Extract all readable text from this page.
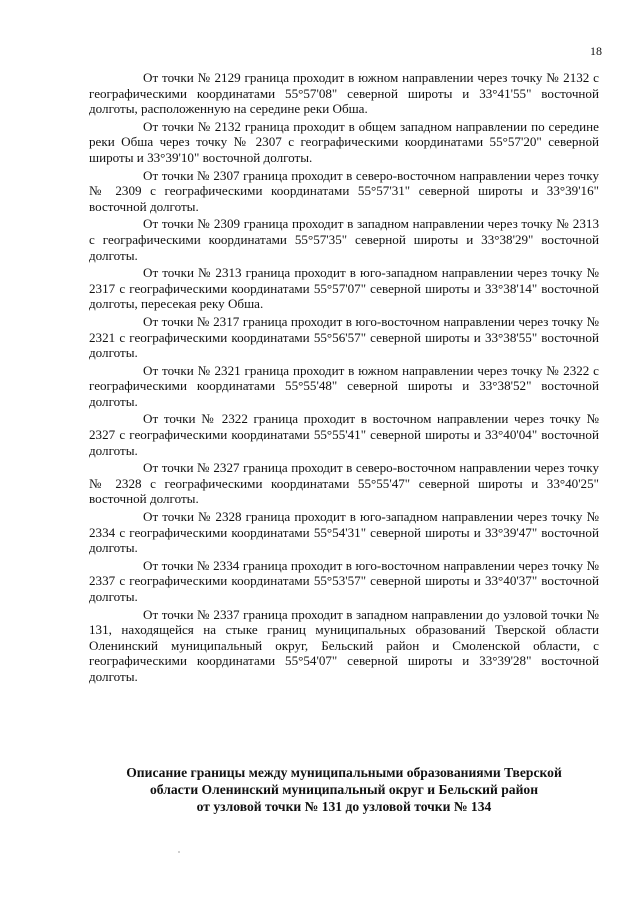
18

От точки № 2129 граница проходит в южном направлении через точку № 2132 с географическими координатами 55°57'08" северной широты и 33°41'55" восточной долготы, расположенную на середине реки Обша.

От точки № 2132 граница проходит в общем западном направлении по середине реки Обша через точку № 2307 с географическими координатами 55°57'20" северной широты и 33°39'10" восточной долготы.

От точки № 2307 граница проходит в северо-восточном направлении через точку № 2309 с географическими координатами 55°57'31" северной широты и 33°39'16" восточной долготы.

От точки № 2309 граница проходит в западном направлении через точку № 2313 с географическими координатами 55°57'35" северной широты и 33°38'29" восточной долготы.

От точки № 2313 граница проходит в юго-западном направлении через точку № 2317 с географическими координатами 55°57'07" северной широты и 33°38'14" восточной долготы, пересекая реку Обша.

От точки № 2317 граница проходит в юго-восточном направлении через точку № 2321 с географическими координатами 55°56'57" северной широты и 33°38'55" восточной долготы.

От точки № 2321 граница проходит в южном направлении через точку № 2322 с географическими координатами 55°55'48" северной широты и 33°38'52" восточной долготы.

От точки № 2322 граница проходит в восточном направлении через точку № 2327 с географическими координатами 55°55'41" северной широты и 33°40'04" восточной долготы.

От точки № 2327 граница проходит в северо-восточном направлении через точку № 2328 с географическими координатами 55°55'47" северной широты и 33°40'25" восточной долготы.

От точки № 2328 граница проходит в юго-западном направлении через точку № 2334 с географическими координатами 55°54'31" северной широты и 33°39'47" восточной долготы.

От точки № 2334 граница проходит в юго-восточном направлении через точку № 2337 с географическими координатами 55°53'57" северной широты и 33°40'37" восточной долготы.

От точки № 2337 граница проходит в западном направлении до узловой точки № 131, находящейся на стыке границ муниципальных образований Тверской области Оленинский муниципальный округ, Бельский район и Смоленской области, с географическими координатами 55°54'07" северной широты и 33°39'28" восточной долготы.

Описание границы между муниципальными образованиями Тверской
области Оленинский муниципальный округ и Бельский район
от узловой точки № 131 до узловой точки № 134
